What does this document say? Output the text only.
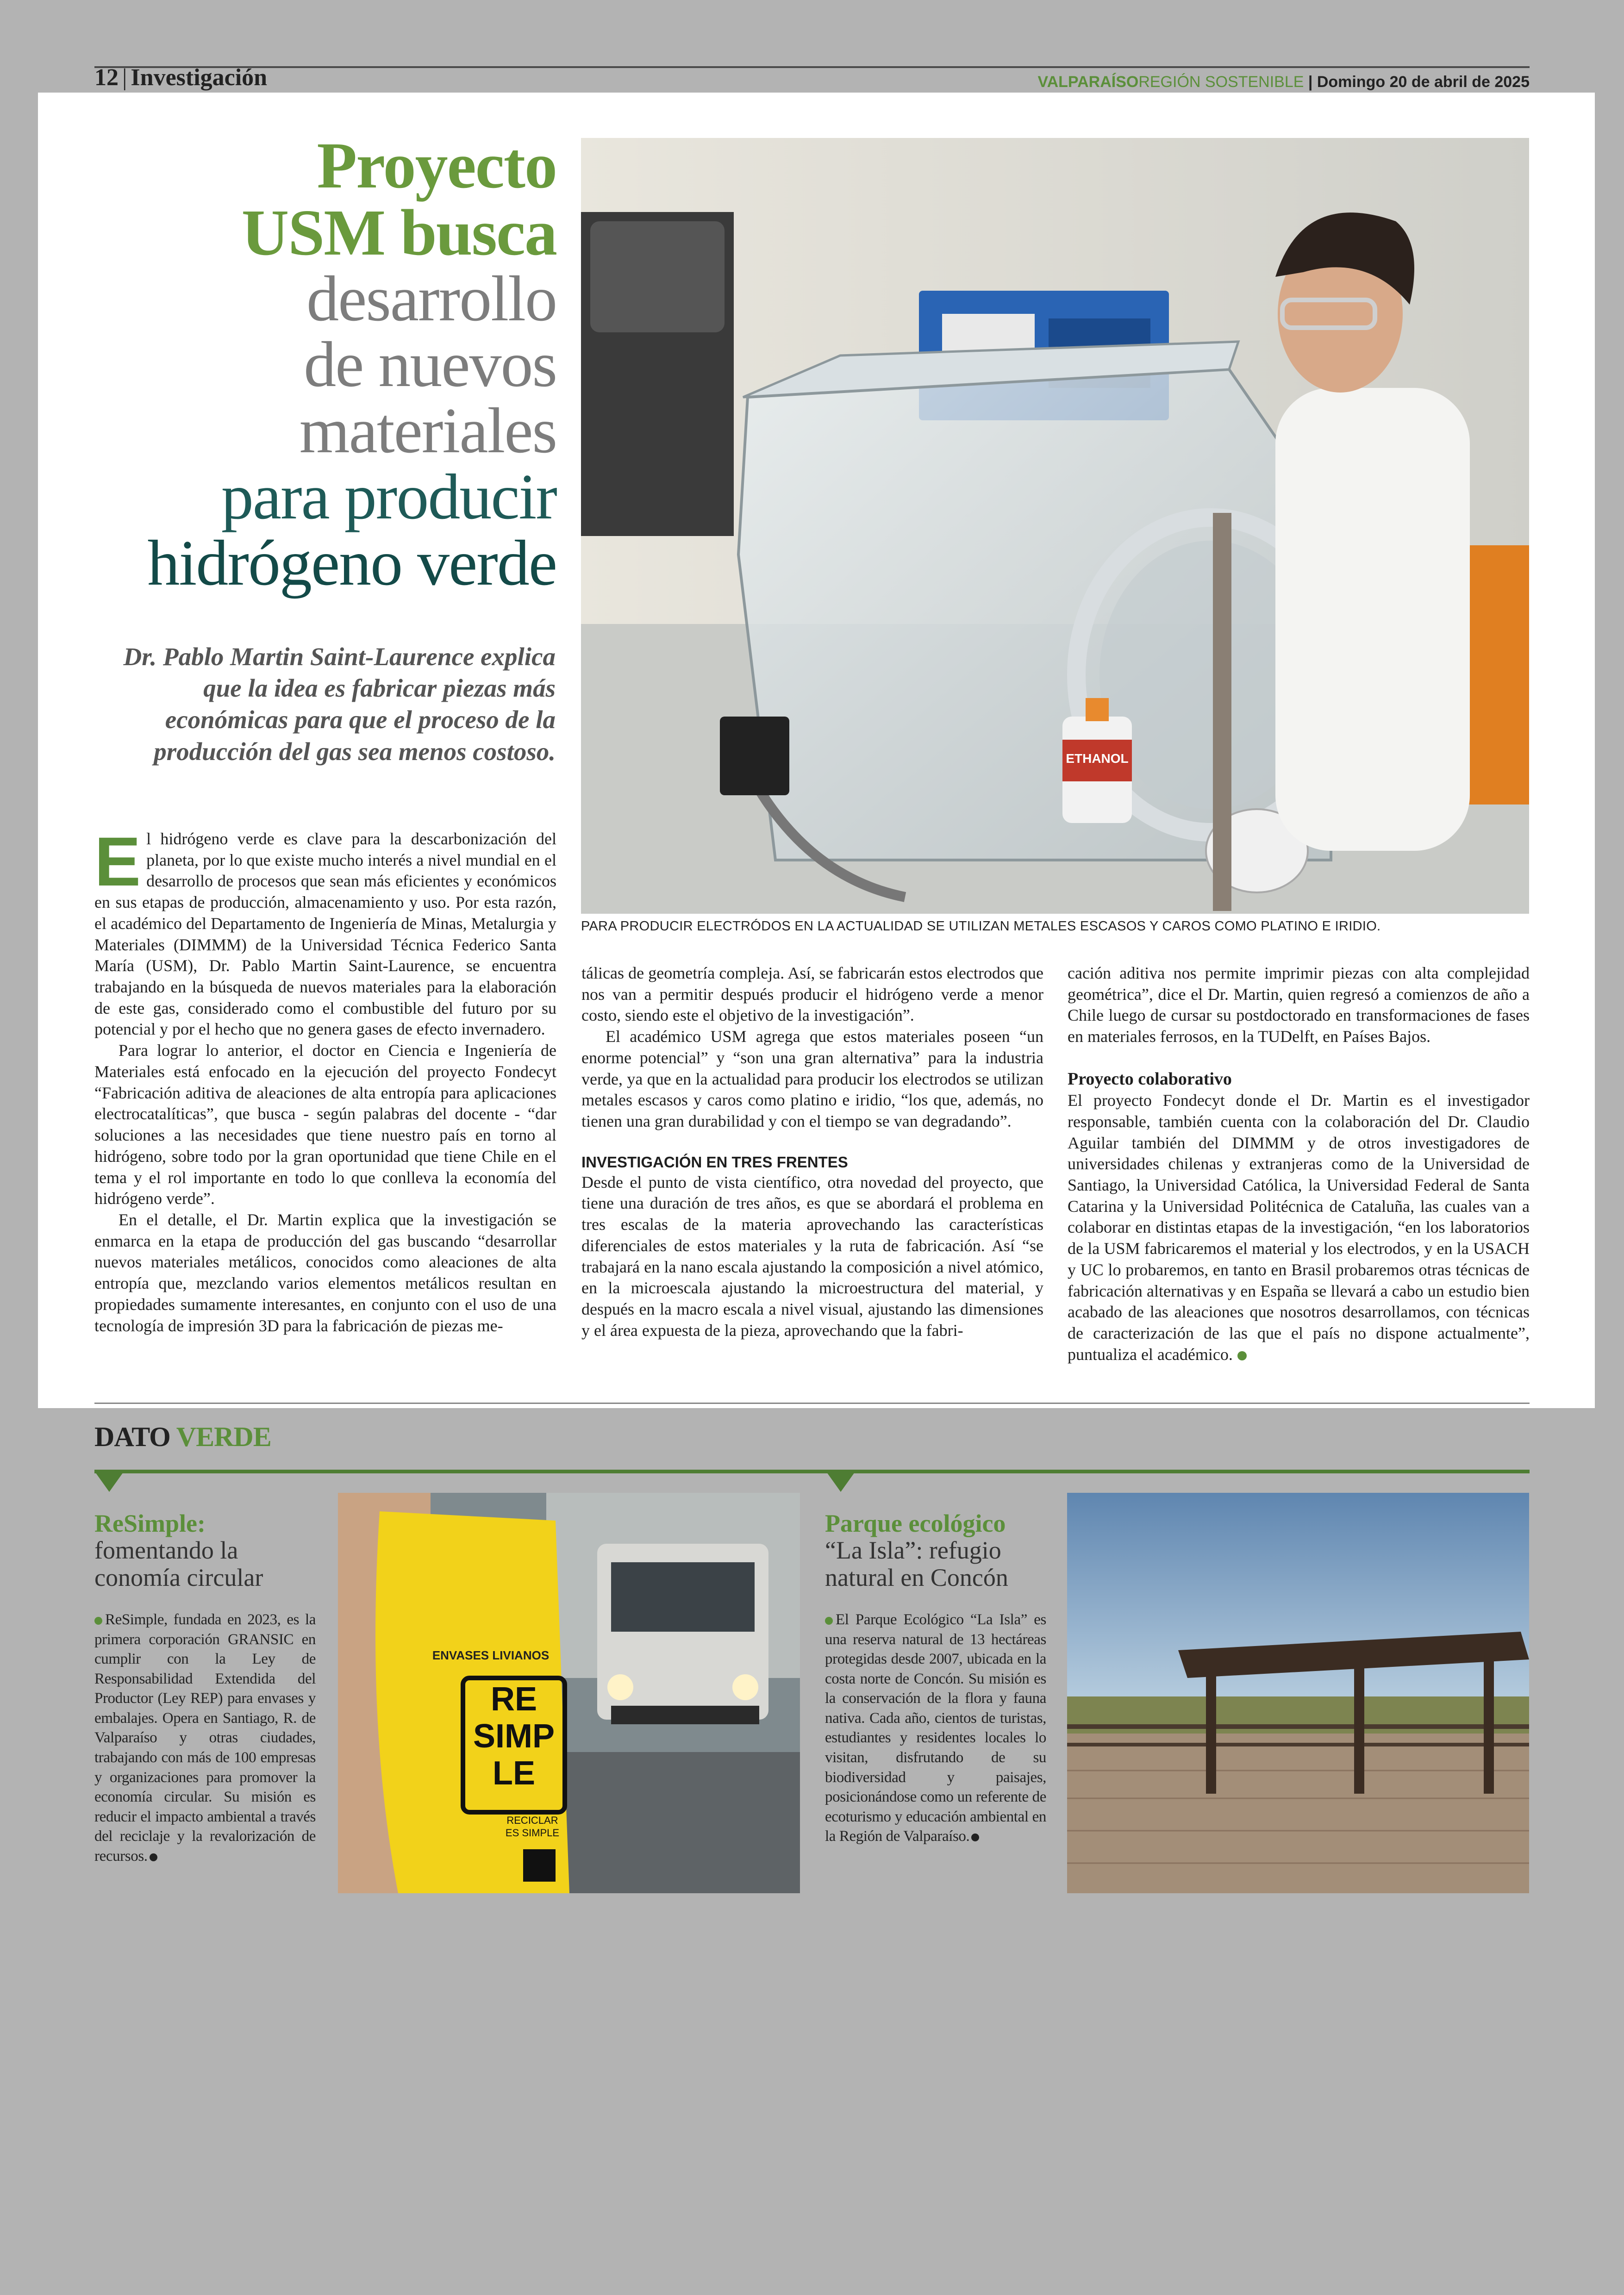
12 | Investigación	VALPARAÍSOREGIÓN SOSTENIBLE | Domingo 20 de abril de 2025
Proyecto
USM busca
desarrollo
de nuevos
materiales
para producir
hidrógeno verde
Dr. Pablo Martin Saint-Laurence explica que la idea es fabricar piezas más económicas para que el proceso de la producción del gas sea menos costoso.	ETHANOL
PARA PRODUCIR ELECTRÓDOS EN LA ACTUALIDAD SE UTILIZAN METALES ESCASOS Y CAROS COMO PLATINO E IRIDIO.

El hidrógeno verde es clave para la descarbonización del planeta, por lo que existe mucho interés a nivel mundial en el desarrollo de procesos que sean más eficientes y económicos en sus etapas de producción, almacenamiento y uso. Por esta razón, el académico del Departamento de Ingeniería de Minas, Metalurgia y Materiales (DIMMM) de la Universidad Técnica Federico Santa María (USM), Dr. Pablo Martin Saint-Laurence, se encuentra trabajando en la búsqueda de nuevos materiales para la elaboración de este gas, considerado como el combustible del futuro por su potencial y por el hecho que no genera gases de efecto invernadero.

Para lograr lo anterior, el doctor en Ciencia e Ingeniería de Materiales está enfocado en la ejecución del proyecto Fondecyt “Fabricación aditiva de aleaciones de alta entropía para aplicaciones electrocatalíticas”, que busca - según palabras del docente - “dar soluciones a las necesidades que tiene nuestro país en torno al hidrógeno, sobre todo por la gran oportunidad que tiene Chile en el tema y el rol importante en todo lo que conlleva la economía del hidrógeno verde”.

En el detalle, el Dr. Martin explica que la investigación se enmarca en la etapa de producción del gas buscando “desarrollar nuevos materiales metálicos, conocidos como aleaciones de alta entropía que, mezclando varios elementos metálicos resultan en propiedades sumamente interesantes, en conjunto con el uso de una tecnología de impresión 3D para la fabricación de piezas me-

tálicas de geometría compleja. Así, se fabricarán estos electrodos que nos van a permitir después producir el hidrógeno verde a menor costo, siendo este el objetivo de la investigación”.

El académico USM agrega que estos materiales poseen “un enorme potencial” y “son una gran alternativa” para la industria verde, ya que en la actualidad para producir los electrodos se utilizan metales escasos y caros como platino e iridio, “los que, además, no tienen una gran durabilidad y con el tiempo se van degradando”.

INVESTIGACIÓN EN TRES FRENTES

Desde el punto de vista científico, otra novedad del proyecto, que tiene una duración de tres años, es que se abordará el problema en tres escalas de la materia aprovechando las características diferenciales de estos materiales y la ruta de fabricación. Así “se trabajará en la nano escala ajustando la composición a nivel atómico, en la microescala ajustando la microestructura del material, y después en la macro escala a nivel visual, ajustando las dimensiones y el área expuesta de la pieza, aprovechando que la fabri-

cación aditiva nos permite imprimir piezas con alta complejidad geométrica”, dice el Dr. Martin, quien regresó a comienzos de año a Chile luego de cursar su postdoctorado en transformaciones de fases en materiales ferrosos, en la TUDelft, en Países Bajos.

Proyecto colaborativo

El proyecto Fondecyt donde el Dr. Martin es el investigador responsable, también cuenta con la colaboración del Dr. Claudio Aguilar también del DIMMM y de otros investigadores de universidades chilenas y extranjeras como de la Universidad de Santiago, la Universidad Católica, la Universidad Federal de Santa Catarina y la Universidad Politécnica de Cataluña, las cuales van a colaborar en distintas etapas de la investigación, “en los laboratorios de la USM fabricaremos el material y los electrodos, y en la USACH y UC lo probaremos, en tanto en Brasil probaremos otras técnicas de fabricación alternativas y en España se llevará a cabo un estudio bien acabado de las aleaciones que nosotros desarrollamos, con técnicas de caracterización de las que el país no dispone actualmente”, puntualiza el académico.

DATO VERDE
ReSimple:
fomentando la conomía circular
ReSimple, fundada en 2023, es la primera corporación GRANSIC en cumplir con la Ley de Responsabilidad Extendida del Productor (Ley REP) para envases y embalajes. Opera en Santiago, R. de Valparaíso y otras ciudades, trabajando con más de 100 empresas y organizaciones para promover la economía circular. Su misión es reducir el impacto ambiental a través del reciclaje y la revalorización de recursos.
ENVASES LIVIANOS
RE
SIMP
LE
RECICLAR
ES SIMPLE
Parque ecológico
“La Isla”: refugio natural en Concón
El Parque Ecológico “La Isla” es una reserva natural de 13 hectáreas protegidas desde 2007, ubicada en la costa norte de Concón. Su misión es la conservación de la flora y fauna nativa. Cada año, cientos de turistas, estudiantes y residentes locales lo visitan, disfrutando de su biodiversidad y paisajes, posicionándose como un referente de ecoturismo y educación ambiental en la Región de Valparaíso.
